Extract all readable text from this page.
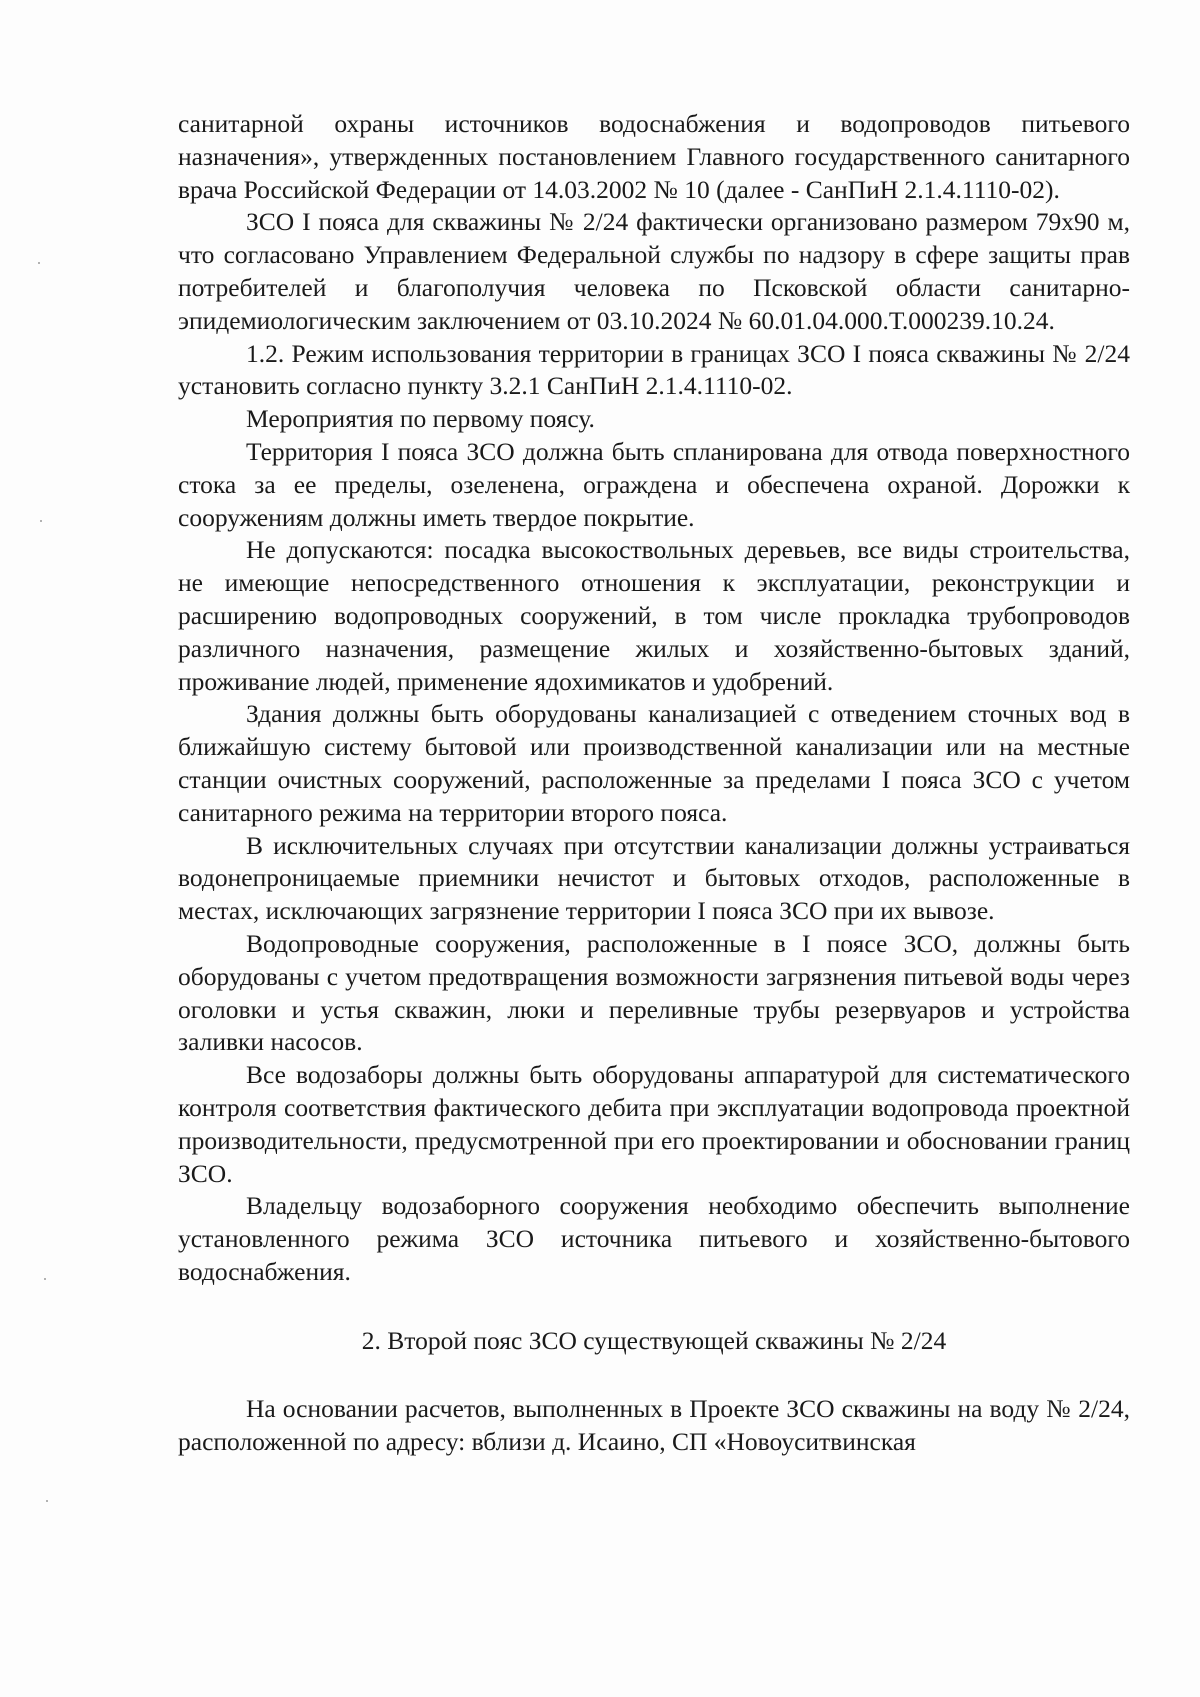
санитарной охраны источников водоснабжения и водопроводов питьевого назначения», утвержденных постановлением Главного государственного санитарного врача Российской Федерации от 14.03.2002 № 10 (далее - СанПиН 2.1.4.1110-02).

ЗСО I пояса для скважины № 2/24 фактически организовано размером 79x90 м, что согласовано Управлением Федеральной службы по надзору в сфере защиты прав потребителей и благополучия человека по Псковской области санитарно-эпидемиологическим заключением от 03.10.2024 № 60.01.04.000.Т.000239.10.24.

1.2. Режим использования территории в границах ЗСО I пояса скважины № 2/24 установить согласно пункту 3.2.1 СанПиН 2.1.4.1110-02.

Мероприятия по первому поясу.

Территория I пояса ЗСО должна быть спланирована для отвода поверхностного стока за ее пределы, озеленена, ограждена и обеспечена охраной. Дорожки к сооружениям должны иметь твердое покрытие.

Не допускаются: посадка высокоствольных деревьев, все виды строительства, не имеющие непосредственного отношения к эксплуатации, реконструкции и расширению водопроводных сооружений, в том числе прокладка трубопроводов различного назначения, размещение жилых и хозяйственно-бытовых зданий, проживание людей, применение ядохимикатов и удобрений.

Здания должны быть оборудованы канализацией с отведением сточных вод в ближайшую систему бытовой или производственной канализации или на местные станции очистных сооружений, расположенные за пределами I пояса ЗСО с учетом санитарного режима на территории второго пояса.

В исключительных случаях при отсутствии канализации должны устраиваться водонепроницаемые приемники нечистот и бытовых отходов, расположенные в местах, исключающих загрязнение территории I пояса ЗСО при их вывозе.

Водопроводные сооружения, расположенные в I поясе ЗСО, должны быть оборудованы с учетом предотвращения возможности загрязнения питьевой воды через оголовки и устья скважин, люки и переливные трубы резервуаров и устройства заливки насосов.

Все водозаборы должны быть оборудованы аппаратурой для систематического контроля соответствия фактического дебита при эксплуатации водопровода проектной производительности, предусмотренной при его проектировании и обосновании границ ЗСО.

Владельцу водозаборного сооружения необходимо обеспечить выполнение установленного режима ЗСО источника питьевого и хозяйственно-бытового водоснабжения.

2. Второй пояс ЗСО существующей скважины № 2/24

На основании расчетов, выполненных в Проекте ЗСО скважины на воду № 2/24, расположенной по адресу: вблизи д. Исаино, СП «Новоуситвинская
